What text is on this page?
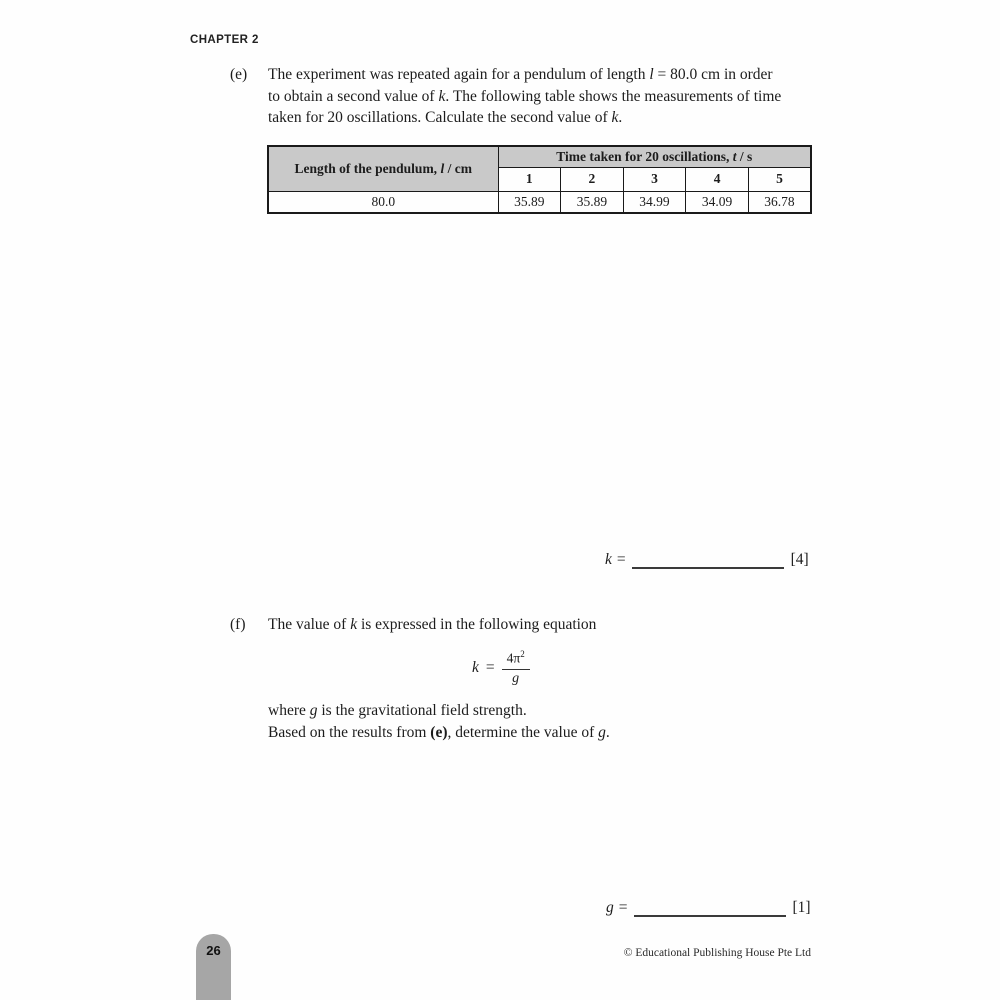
CHAPTER 2
(e)	The experiment was repeated again for a pendulum of length l = 80.0 cm in order
to obtain a second value of k. The following table shows the measurements of time
taken for 20 oscillations. Calculate the second value of k.
Length of the pendulum, l / cm	Time taken for 20 oscillations, t / s				
	1	2	3	4	5
80.0	35.89	35.89	34.99	34.09	36.78
k =	[4]
(f)	The value of k is expressed in the following equation
$k = \frac{4\pi^2}{g}$
where g is the gravitational field strength.
Based on the results from (e), determine the value of g.
g =	[1]
26	© Educational Publishing House Pte Ltd
